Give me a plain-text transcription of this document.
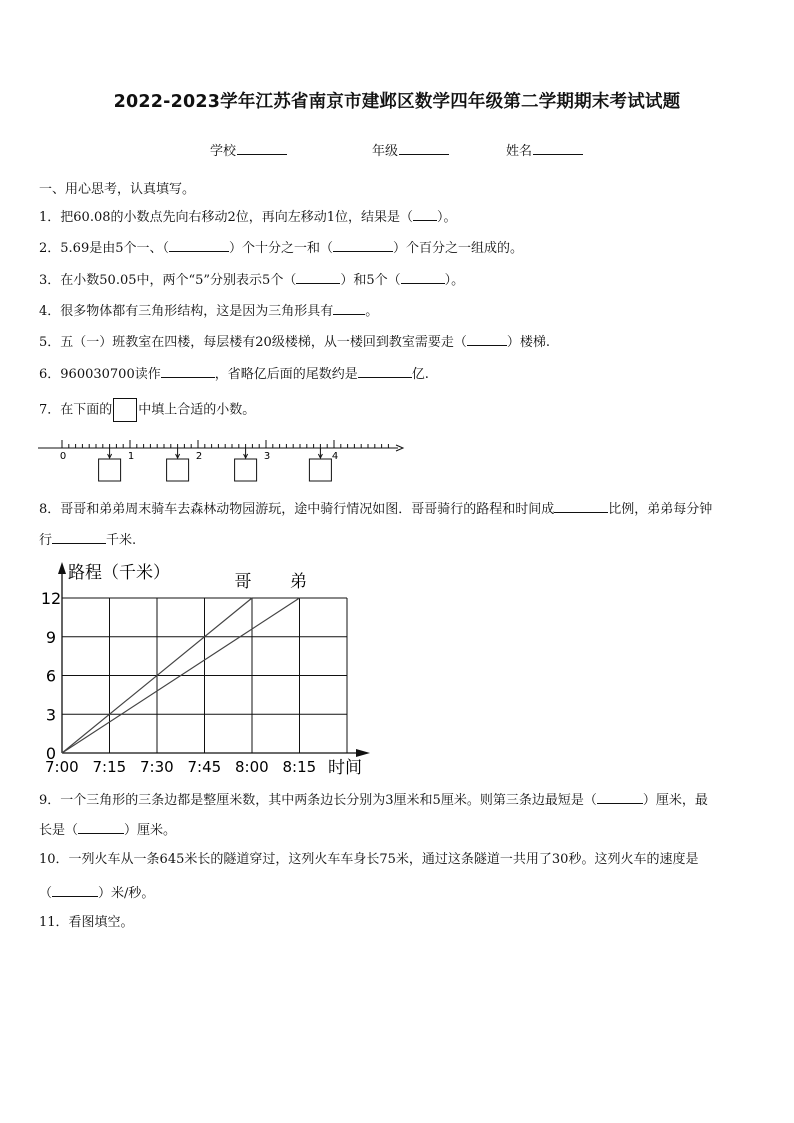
2022-2023学年江苏省南京市建邺区数学四年级第二学期期末考试试题
学校	年级	姓名
一、用心思考，认真填写。
1．把60.08的小数点先向右移动2位，再向左移动1位，结果是（ ）。
2．5.69是由5个一、（	）个十分之一和（	）个百分之一组成的。
3．在小数50.05中，两个“5”分别表示5个（	）和5个（	）。
4．很多物体都有三角形结构，这是因为三角形具有 。
5．五（一）班教室在四楼，每层楼有20级楼梯，从一楼回到教室需要走（	）楼梯.
6．960030700读作	，省略亿后面的尾数约是	亿.
7．在下面的 中填上合适的小数。
0	1	2	3	4
8．哥哥和弟弟周末骑车去森林动物园游玩，途中骑行情况如图．哥哥骑行的路程和时间成	比例，弟弟每分钟
行	千米.
0
3
6
9
12
7:00 7:15 7:30 7:45 8:00 8:15
路程（千米）
时间
哥 弟
9．一个三角形的三条边都是整厘米数，其中两条边长分别为3厘米和5厘米。则第三条边最短是（	）厘米，最
长是（	）厘米。
10．一列火车从一条645米长的隧道穿过，这列火车车身长75米，通过这条隧道一共用了30秒。这列火车的速度是
（	）米/秒。
11．看图填空。
